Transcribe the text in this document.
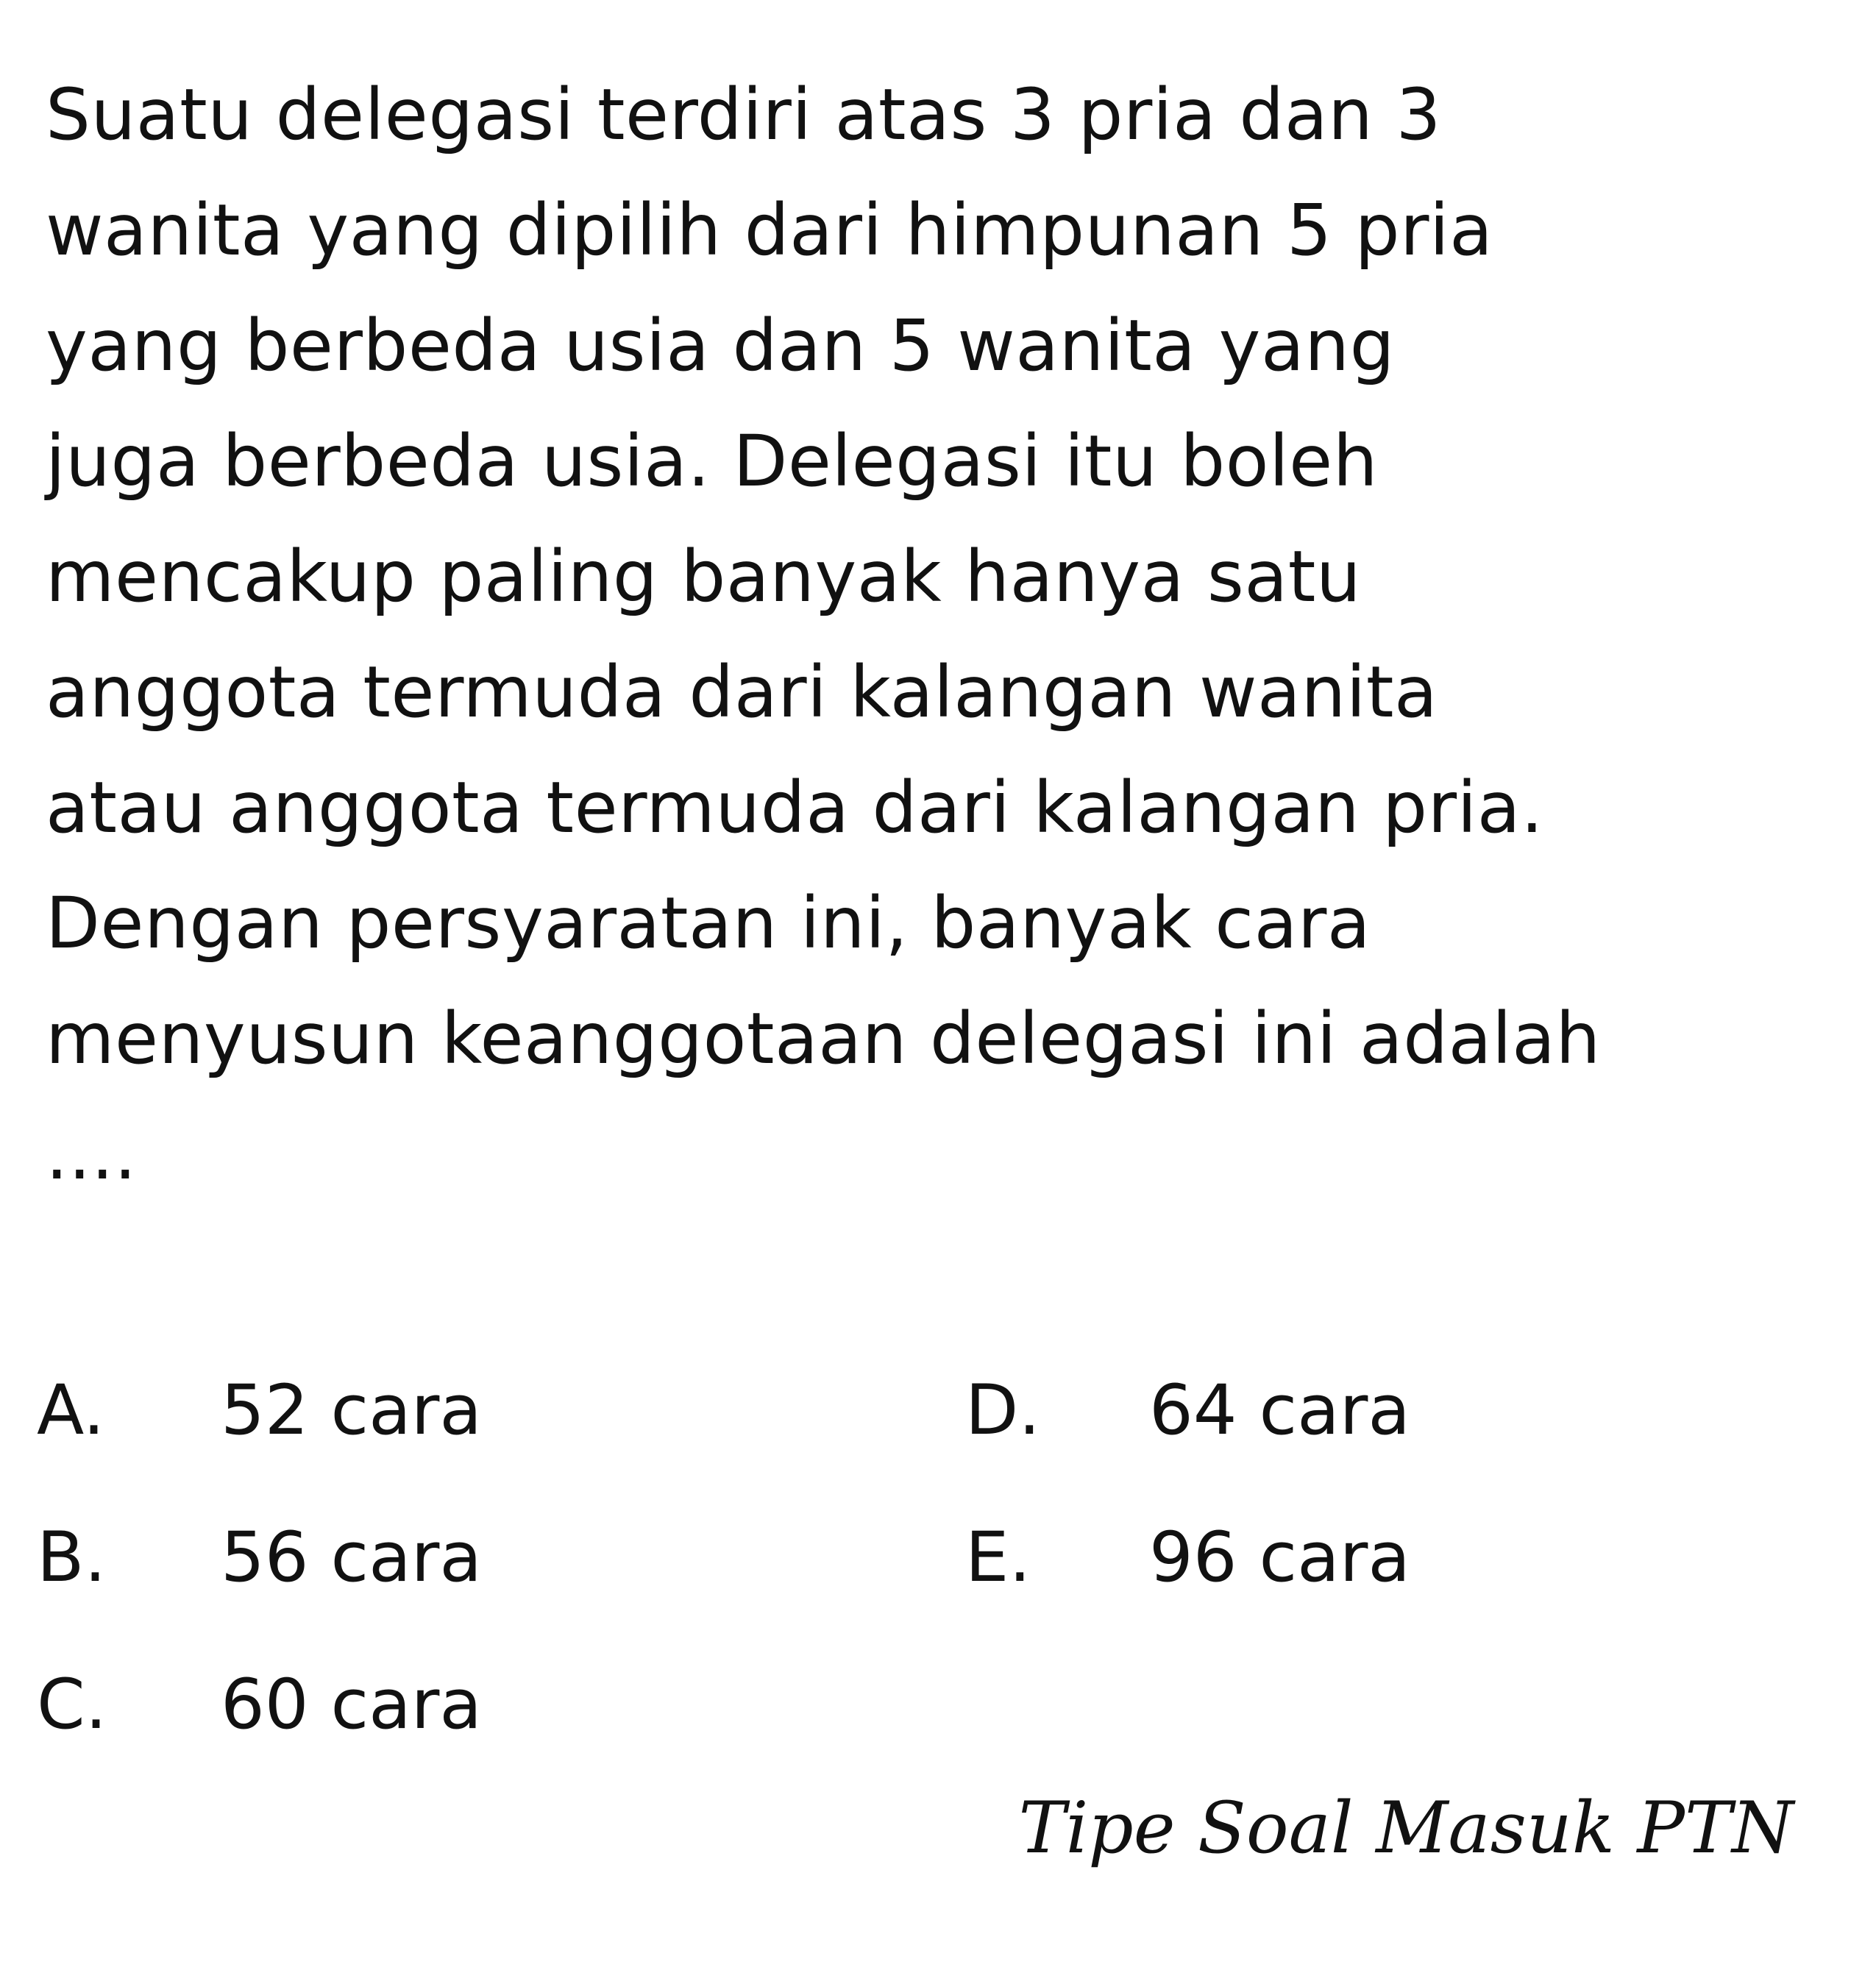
Suatu delegasi terdiri atas 3 pria dan 3
wanita yang dipilih dari himpunan 5 pria
yang berbeda usia dan 5 wanita yang
juga berbeda usia. Delegasi itu boleh
mencakup paling banyak hanya satu
anggota termuda dari kalangan wanita
atau anggota termuda dari kalangan pria.
Dengan persyaratan ini, banyak cara
menyusun keanggotaan delegasi ini adalah
....
A. 52 cara
B. 56 cara
C. 60 cara
D. 64 cara
E. 96 cara
Tipe Soal Masuk PTN
